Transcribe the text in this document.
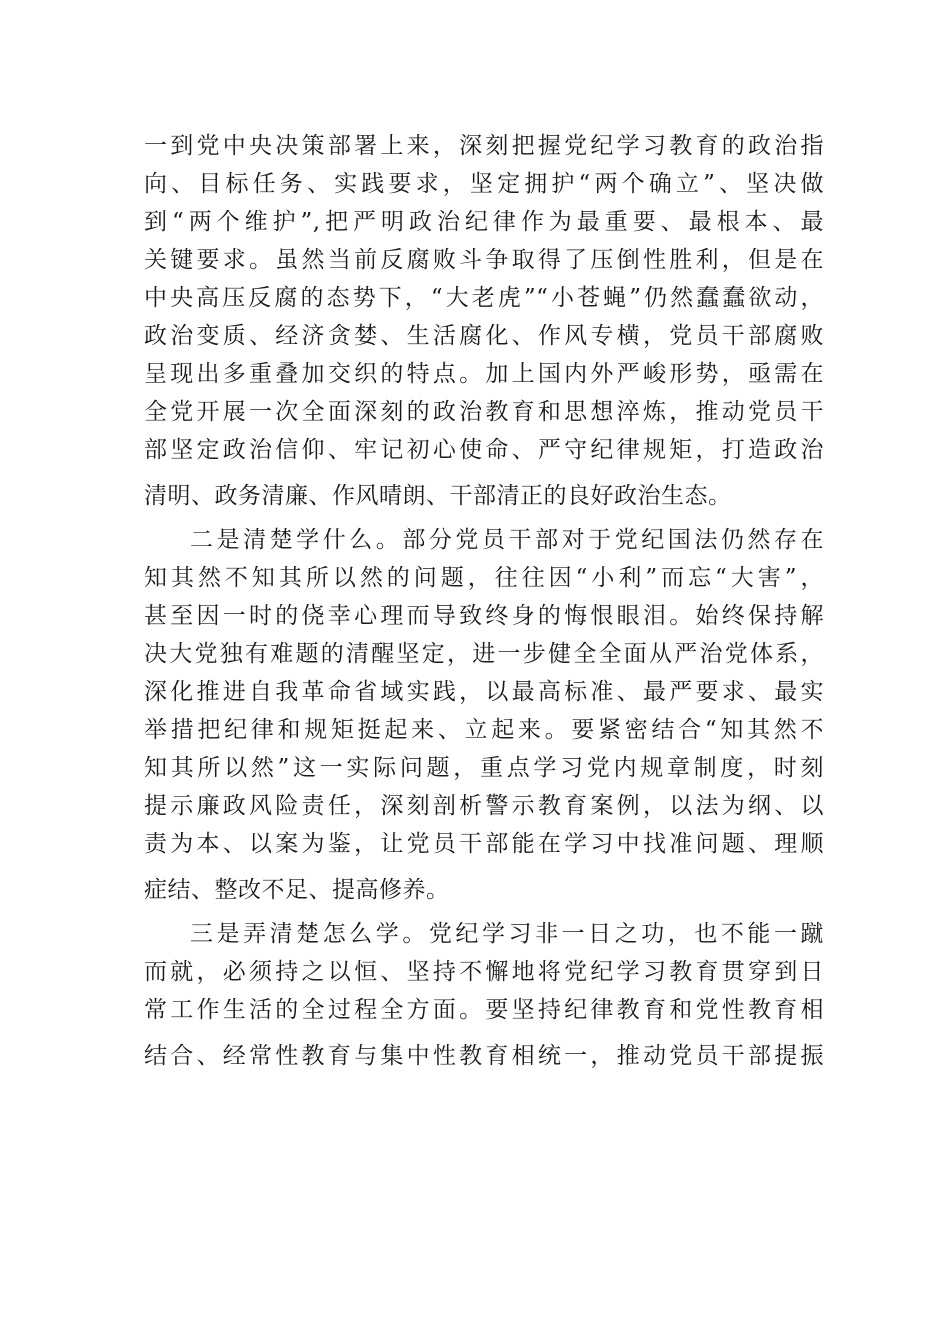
一到党中央决策部署上来，深刻把握党纪学习教育的政治指
向、目标任务、实践要求，坚定拥护“两个确立”、坚决做
到“两个维护”,把严明政治纪律作为最重要、最根本、最
关键要求。虽然当前反腐败斗争取得了压倒性胜利，但是在
中央高压反腐的态势下，“大老虎”“小苍蝇”仍然蠢蠢欲动，
政治变质、经济贪婪、生活腐化、作风专横，党员干部腐败
呈现出多重叠加交织的特点。加上国内外严峻形势，亟需在
全党开展一次全面深刻的政治教育和思想淬炼，推动党员干
部坚定政治信仰、牢记初心使命、严守纪律规矩，打造政治
清明、政务清廉、作风晴朗、干部清正的良好政治生态。
二是清楚学什么。部分党员干部对于党纪国法仍然存在
知其然不知其所以然的问题，往往因“小利”而忘“大害”，
甚至因一时的侥幸心理而导致终身的悔恨眼泪。始终保持解
决大党独有难题的清醒坚定，进一步健全全面从严治党体系，
深化推进自我革命省域实践，以最高标准、最严要求、最实
举措把纪律和规矩挺起来、立起来。要紧密结合“知其然不
知其所以然”这一实际问题，重点学习党内规章制度，时刻
提示廉政风险责任，深刻剖析警示教育案例，以法为纲、以
责为本、以案为鉴，让党员干部能在学习中找准问题、理顺
症结、整改不足、提高修养。
三是弄清楚怎么学。党纪学习非一日之功，也不能一蹴
而就，必须持之以恒、坚持不懈地将党纪学习教育贯穿到日
常工作生活的全过程全方面。要坚持纪律教育和党性教育相
结合、经常性教育与集中性教育相统一，推动党员干部提振
